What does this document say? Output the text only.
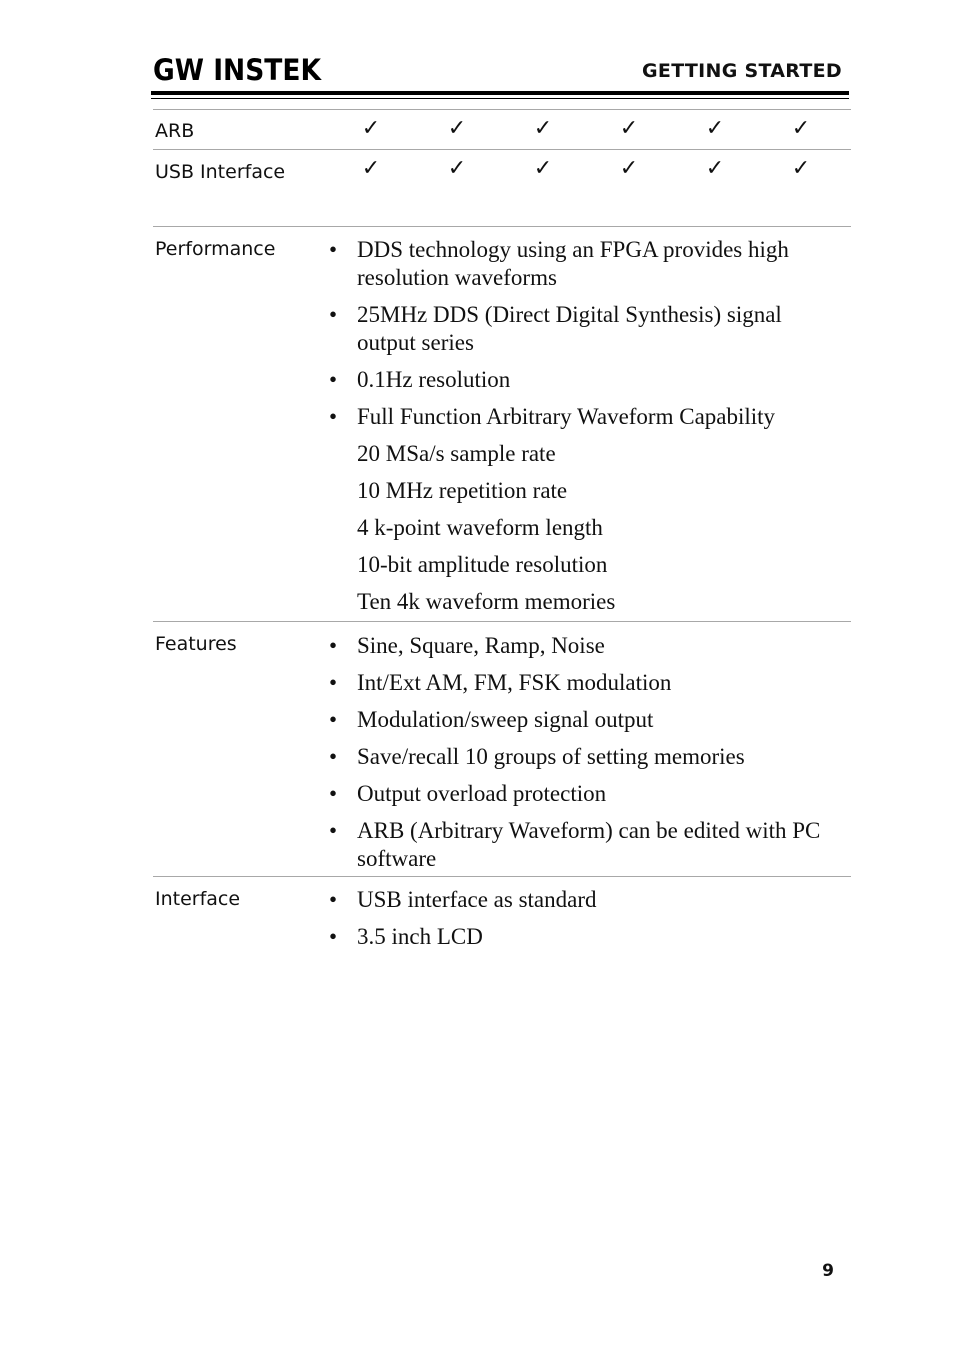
GW INSTEK	GETTING STARTED
ARB	✓	✓	✓	✓	✓	✓
USB Interface	✓	✓	✓	✓	✓	✓
Performance • DDS technology using an FPGA provides high resolution waveforms
• 25MHz DDS (Direct Digital Synthesis) signal output series
• 0.1Hz resolution
• Full Function Arbitrary Waveform Capability
20 MSa/s sample rate
10 MHz repetition rate
4 k-point waveform length
10-bit amplitude resolution
Ten 4k waveform memories
Features	• Sine, Square, Ramp, Noise
• Int/Ext AM, FM, FSK modulation
• Modulation/sweep signal output
• Save/recall 10 groups of setting memories
• Output overload protection
• ARB (Arbitrary Waveform) can be edited with PC software
Interface	• USB interface as standard
• 3.5 inch LCD
9
